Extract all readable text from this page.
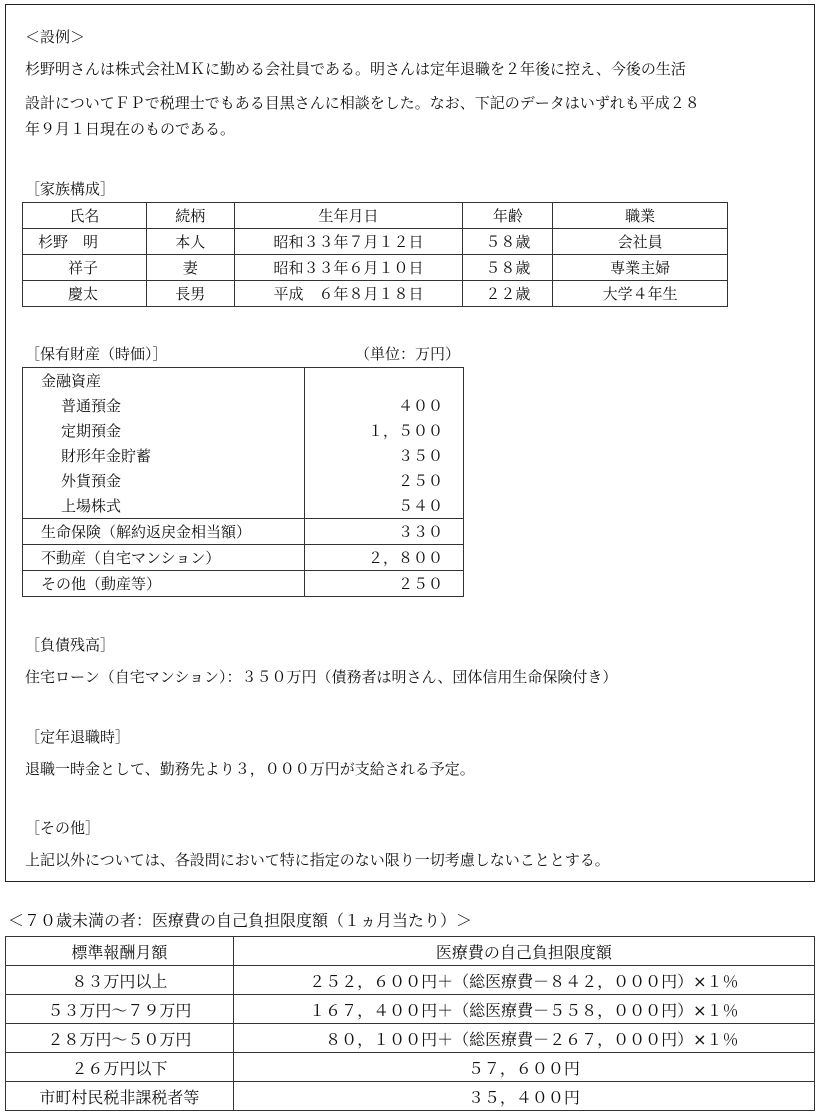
＜設例＞
杉野明さんは株式会社ＭＫに勤める会社員である。明さんは定年退職を２年後に控え、今後の生活
設計についてＦＰで税理士でもある目黒さんに相談をした。なお、下記のデータはいずれも平成２８
年９月１日現在のものである。
［家族構成］
氏名	続柄	生年月日	年齢	職業
杉野　明	本人	昭和３３年７月１２日	５８歳	会社員
　　祥子	妻	昭和３３年６月１０日	５８歳	専業主婦
　　慶太	長男	平成　６年８月１８日	２２歳	大学４年生
［保有財産（時価）］	（単位：万円）
金融資産	
普通預金	４００
定期預金	１，５００
財形年金貯蓄	３５０
外貨預金	２５０
上場株式	５４０
生命保険（解約返戻金相当額）	３３０
不動産（自宅マンション）	２，８００
その他（動産等）	２５０
［負債残高］
住宅ローン（自宅マンション）：３５０万円（債務者は明さん、団体信用生命保険付き）
［定年退職時］
退職一時金として、勤務先より３，０００万円が支給される予定。
［その他］
上記以外については、各設問において特に指定のない限り一切考慮しないこととする。
＜７０歳未満の者：医療費の自己負担限度額（１ヵ月当たり）＞
標準報酬月額	医療費の自己負担限度額
８３万円以上	２５２，６００円＋（総医療費－８４２，０００円）×１％
５３万円～７９万円	１６７，４００円＋（総医療費－５５８，０００円）×１％
２８万円～５０万円	　８０，１００円＋（総医療費－２６７，０００円）×１％
２６万円以下	５７，６００円
市町村民税非課税者等	３５，４００円
